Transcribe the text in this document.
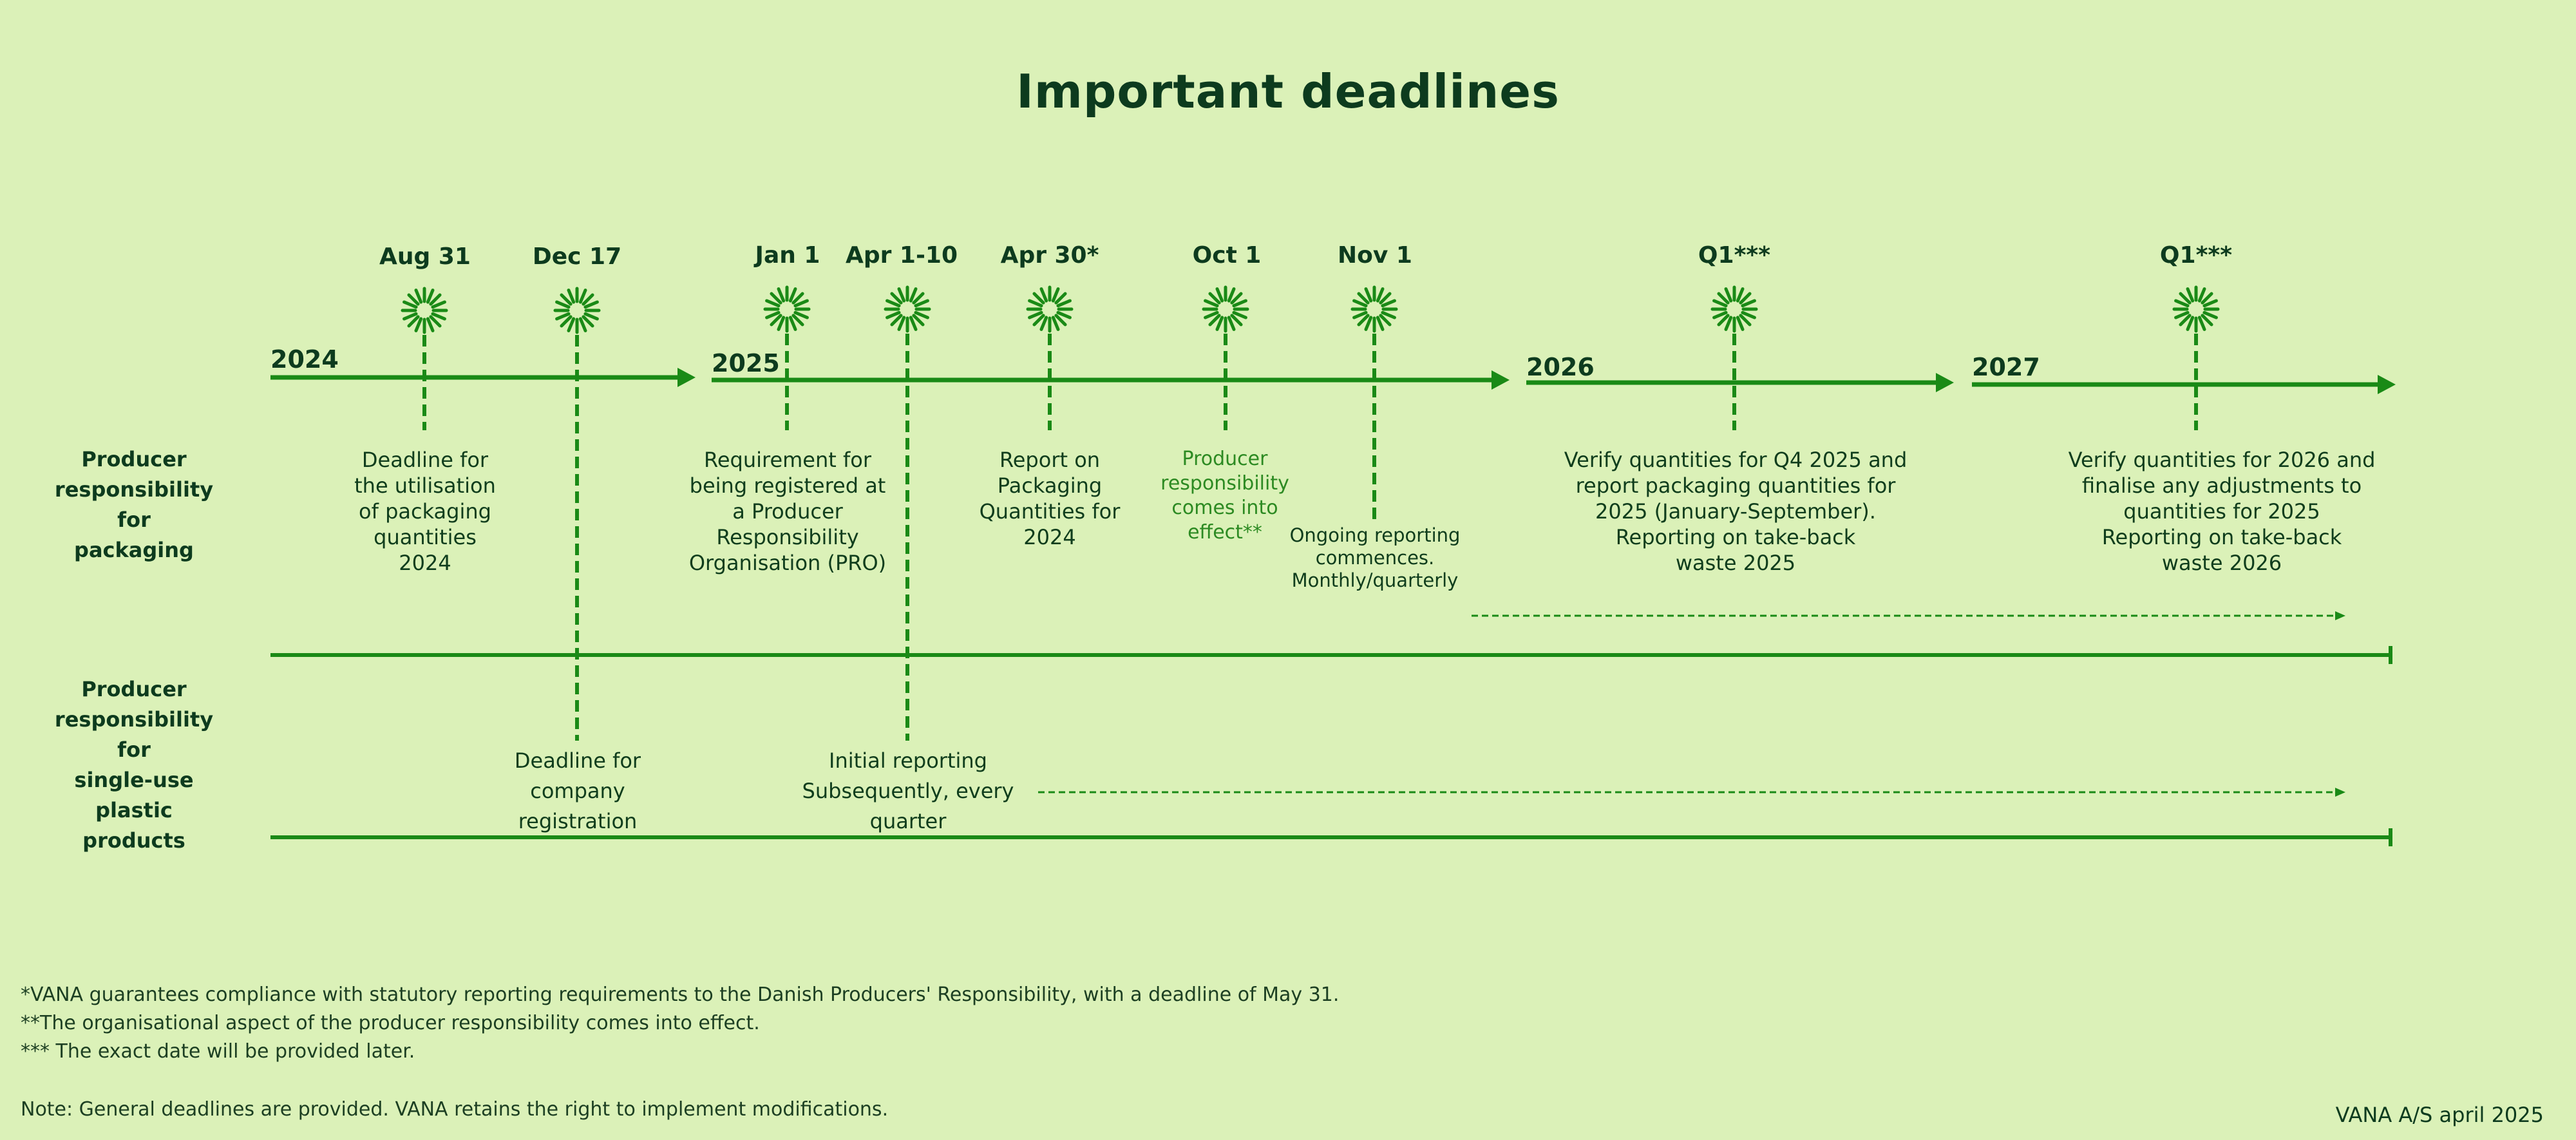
Important deadlines
2024	2025	2026	2027
Aug 31	Dec 17	Jan 1	Apr 1-10	Apr 30*	Oct 1	Nov 1	Q1***	Q1***
Producer
responsibility for
packaging
Producer
responsibility for
single-use plastic
products
Deadline for
the utilisation
of packaging
quantities
2024
Deadline for
company
registration
Requirement for
being registered at
a Producer
Responsibility
Organisation (PRO)
Initial reporting
Subsequently, every
quarter
Report on
Packaging
Quantities for
2024
Producer
responsibility
comes into
effect**	Ongoing reporting
commences.
Monthly/quarterly
Verify quantities for Q4 2025 and
report packaging quantities for
2025 (January-September).
Reporting on take-back
waste 2025
Verify quantities for 2026 and
finalise any adjustments to
quantities for 2025
Reporting on take-back
waste 2026
*VANA guarantees compliance with statutory reporting requirements to the Danish Producers' Responsibility, with a deadline of May 31.
**The organisational aspect of the producer responsibility comes into effect.
*** The exact date will be provided later.
Note: General deadlines are provided. VANA retains the right to implement modifications.	VANA A/S april 2025
